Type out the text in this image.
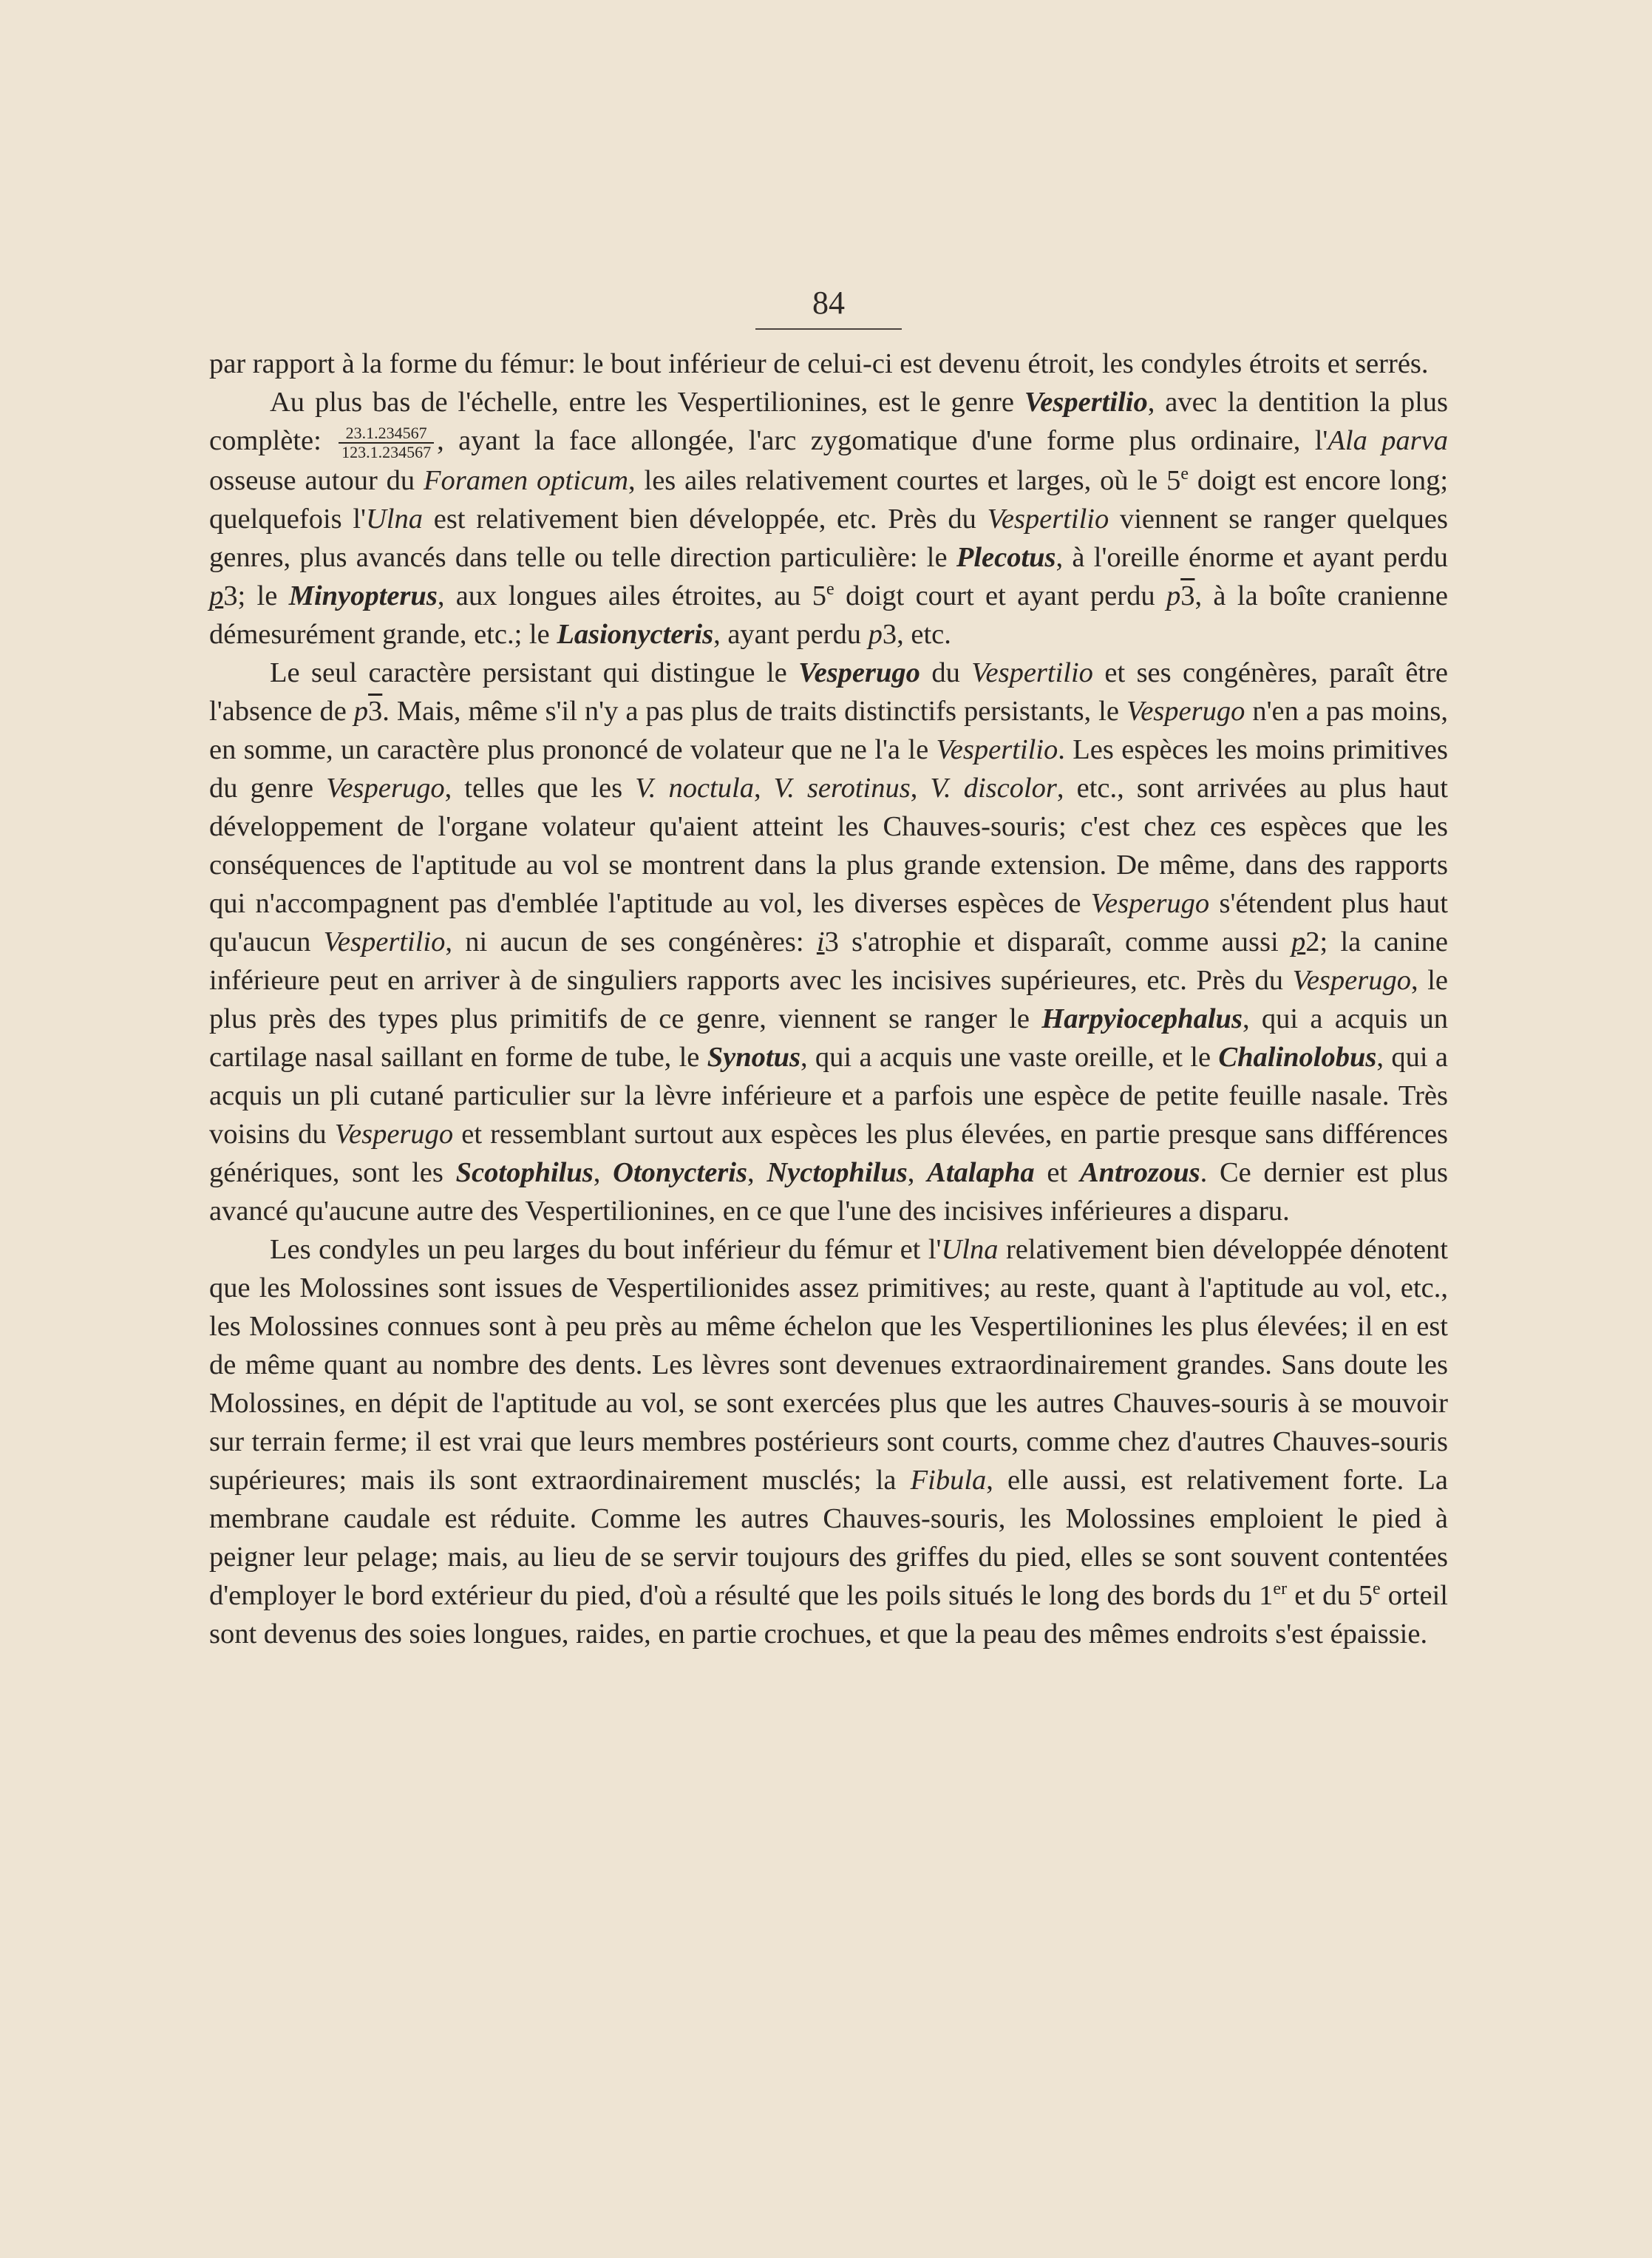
84

par rapport à la forme du fémur: le bout inférieur de celui-ci est devenu étroit, les condyles étroits et serrés.

Au plus bas de l'échelle, entre les Vespertilionines, est le genre Vespertilio, avec la dentition la plus complète: $\frac{23.1.234567}{123.1.234567}$ , ayant la face allongée, l'arc zygomatique d'une forme plus ordinaire, l'Ala parva osseuse autour du Foramen opticum, les ailes relativement courtes et larges, où le 5e doigt est encore long; quelquefois l'Ulna est relativement bien développée, etc. Près du Vespertilio viennent se ranger quelques genres, plus avancés dans telle ou telle direction particulière: le Plecotus, à l'oreille énorme et ayant perdu p3; le Minyopterus, aux longues ailes étroites, au 5e doigt court et ayant perdu p3, à la boîte cranienne démesurément grande, etc.; le Lasionycteris, ayant perdu p3, etc.

Le seul caractère persistant qui distingue le Vesperugo du Vespertilio et ses congénères, paraît être l'absence de p3. Mais, même s'il n'y a pas plus de traits distinctifs persistants, le Vesperugo n'en a pas moins, en somme, un caractère plus prononcé de volateur que ne l'a le Vespertilio. Les espèces les moins primitives du genre Vesperugo, telles que les V. noctula, V. serotinus, V. discolor, etc., sont arrivées au plus haut développement de l'organe volateur qu'aient atteint les Chauves-souris; c'est chez ces espèces que les conséquences de l'aptitude au vol se montrent dans la plus grande extension. De même, dans des rapports qui n'accompagnent pas d'emblée l'aptitude au vol, les diverses espèces de Vesperugo s'étendent plus haut qu'aucun Vespertilio, ni aucun de ses congénères: i3 s'atrophie et disparaît, comme aussi p2; la canine inférieure peut en arriver à de singuliers rapports avec les incisives supérieures, etc. Près du Vesperugo, le plus près des types plus primitifs de ce genre, viennent se ranger le Harpyiocephalus, qui a acquis un cartilage nasal saillant en forme de tube, le Synotus, qui a acquis une vaste oreille, et le Chalinolobus, qui a acquis un pli cutané particulier sur la lèvre inférieure et a parfois une espèce de petite feuille nasale. Très voisins du Vesperugo et ressemblant surtout aux espèces les plus élevées, en partie presque sans différences génériques, sont les Scotophilus, Otonycteris, Nyctophilus, Atalapha et Antrozous. Ce dernier est plus avancé qu'aucune autre des Vespertilionines, en ce que l'une des incisives inférieures a disparu.

Les condyles un peu larges du bout inférieur du fémur et l'Ulna relativement bien développée dénotent que les Molossines sont issues de Vespertilionides assez primitives; au reste, quant à l'aptitude au vol, etc., les Molossines connues sont à peu près au même échelon que les Vespertilionines les plus élevées; il en est de même quant au nombre des dents. Les lèvres sont devenues extraordinairement grandes. Sans doute les Molossines, en dépit de l'aptitude au vol, se sont exercées plus que les autres Chauves-souris à se mouvoir sur terrain ferme; il est vrai que leurs membres postérieurs sont courts, comme chez d'autres Chauves-souris supérieures; mais ils sont extraordinairement musclés; la Fibula, elle aussi, est relativement forte. La membrane caudale est réduite. Comme les autres Chauves-souris, les Molossines emploient le pied à peigner leur pelage; mais, au lieu de se servir toujours des griffes du pied, elles se sont souvent contentées d'employer le bord extérieur du pied, d'où a résulté que les poils situés le long des bords du 1er et du 5e orteil sont devenus des soies longues, raides, en partie crochues, et que la peau des mêmes endroits s'est épaissie.
